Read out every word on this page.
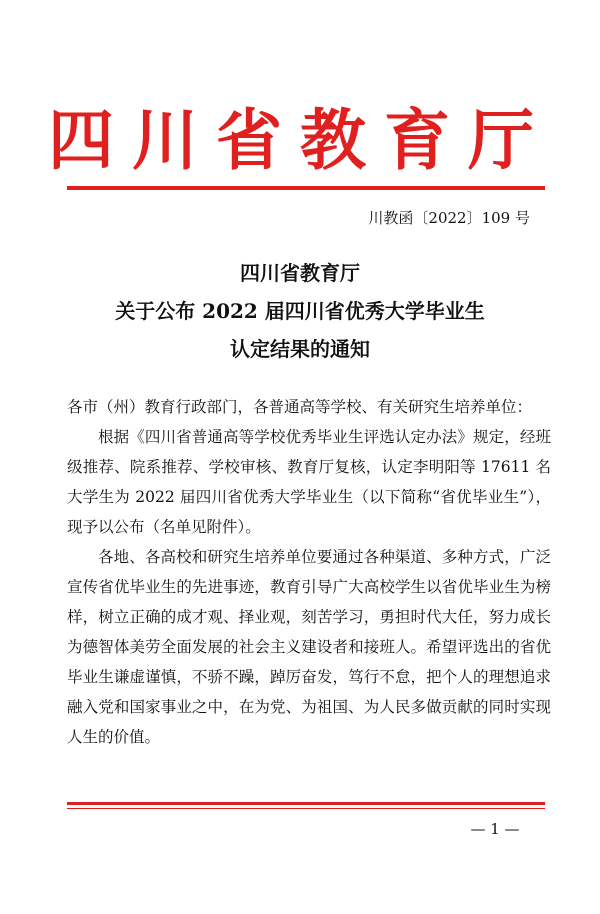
四川省教育厅
川教函〔2022〕109 号
四川省教育厅
关于公布 2022 届四川省优秀大学毕业生
认定结果的通知

各市（州）教育行政部门，各普通高等学校、有关研究生培养单位：

根据《四川省普通高等学校优秀毕业生评选认定办法》规定，经班级推荐、院系推荐、学校审核、教育厅复核，认定李明阳等 17611 名大学生为 2022 届四川省优秀大学毕业生（以下简称“省优毕业生”），现予以公布（名单见附件）。

各地、各高校和研究生培养单位要通过各种渠道、多种方式，广泛宣传省优毕业生的先进事迹，教育引导广大高校学生以省优毕业生为榜样，树立正确的成才观、择业观，刻苦学习，勇担时代大任，努力成长为德智体美劳全面发展的社会主义建设者和接班人。希望评选出的省优毕业生谦虚谨慎，不骄不躁，踔厉奋发，笃行不怠，把个人的理想追求融入党和国家事业之中，在为党、为祖国、为人民多做贡献的同时实现人生的价值。

— 1 —
